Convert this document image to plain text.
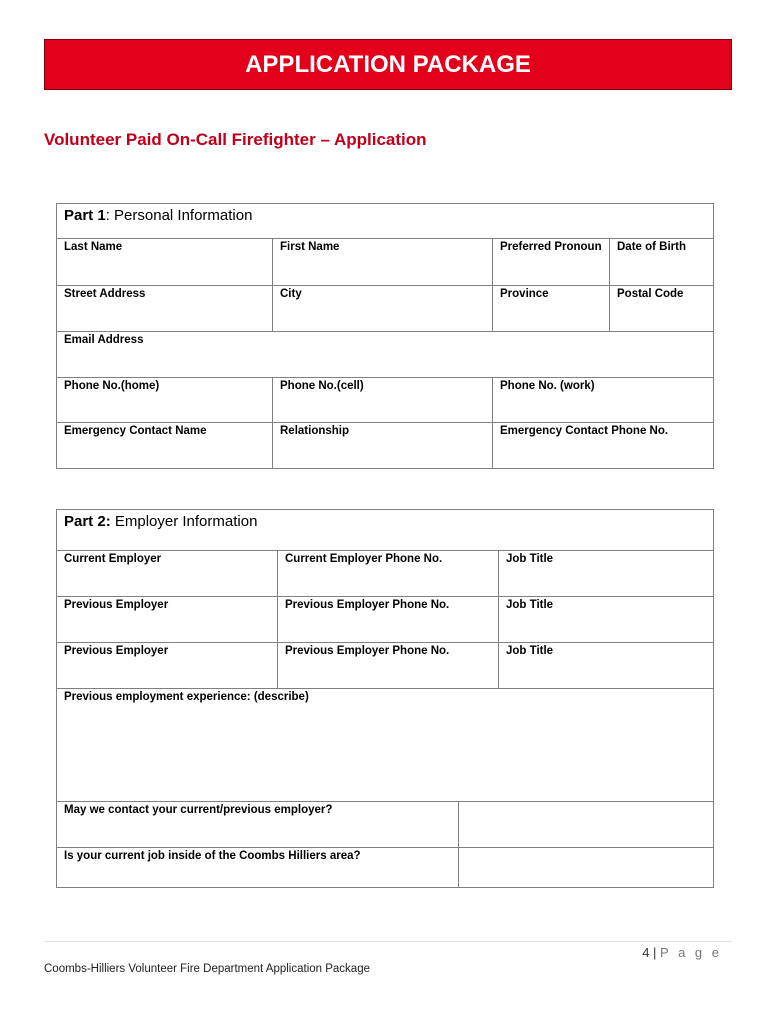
APPLICATION PACKAGE
Volunteer Paid On-Call Firefighter – Application
Part 1: Personal Information			
Last Name	First Name	Preferred Pronoun	Date of Birth
Street Address	City	Province	Postal Code
Email Address		
Phone No.(home)	Phone No.(cell)	Phone No. (work)
Emergency Contact Name	Relationship	Emergency Contact Phone No.
Part 2: Employer Information		
Current Employer	Current Employer Phone No.	Job Title
Previous Employer	Previous Employer Phone No.	Job Title
Previous Employer	Previous Employer Phone No.	Job Title
Previous employment experience: (describe)		
May we contact your current/previous employer?	
Is your current job inside of the Coombs Hilliers area?	
4 | P a g e
Coombs-Hilliers Volunteer Fire Department Application Package
